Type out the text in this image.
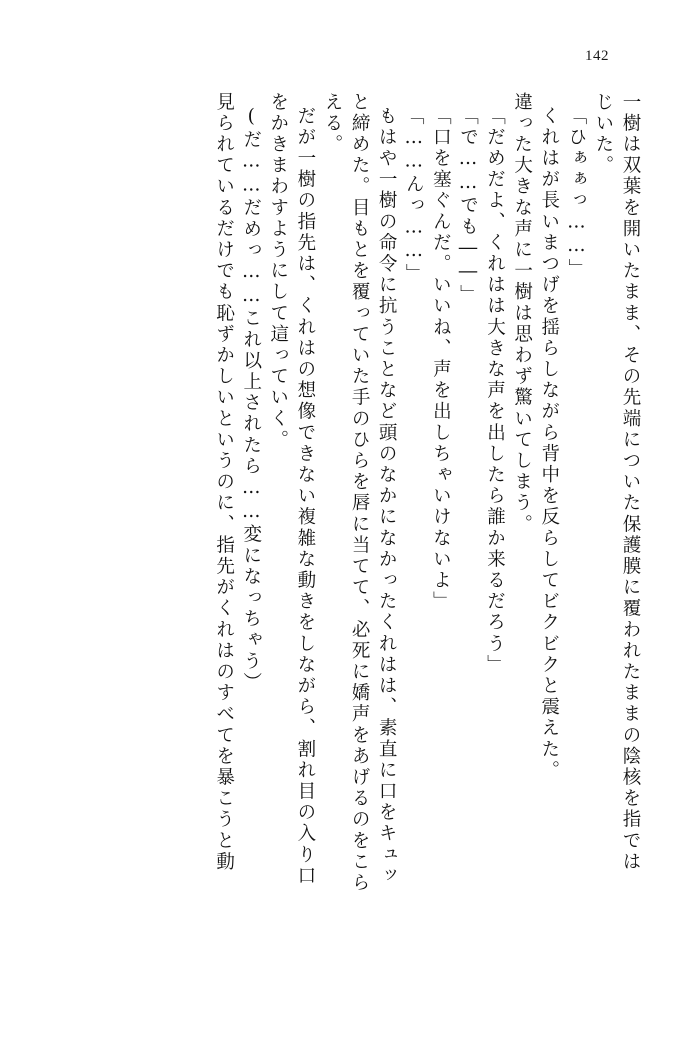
142
一樹は双葉を開いたまま、その先端についた保護膜に覆われたままの陰核を指では
じいた。
「ひぁぁっ……」
くれはが長いまつげを揺らしながら背中を反らしてビクビクと震えた。
違った大きな声に一樹は思わず驚いてしまう。
「だめだよ、くれはは大きな声を出したら誰か来るだろう」
「で……でも――」
「口を塞ぐんだ。いいね、声を出しちゃいけないよ」
「……んっ……」
もはや一樹の命令に抗うことなど頭のなかになかったくれはは、素直に口をキュッ
と締めた。目もとを覆っていた手のひらを唇に当てて、必死に嬌声をあげるのをこら
える。
だが一樹の指先は、くれはの想像できない複雑な動きをしながら、割れ目の入り口
をかきまわすようにして這っていく。
(だ……だめっ……これ以上されたら……変になっちゃう）
見られているだけでも恥ずかしいというのに、指先がくれはのすべてを暴こうと動
